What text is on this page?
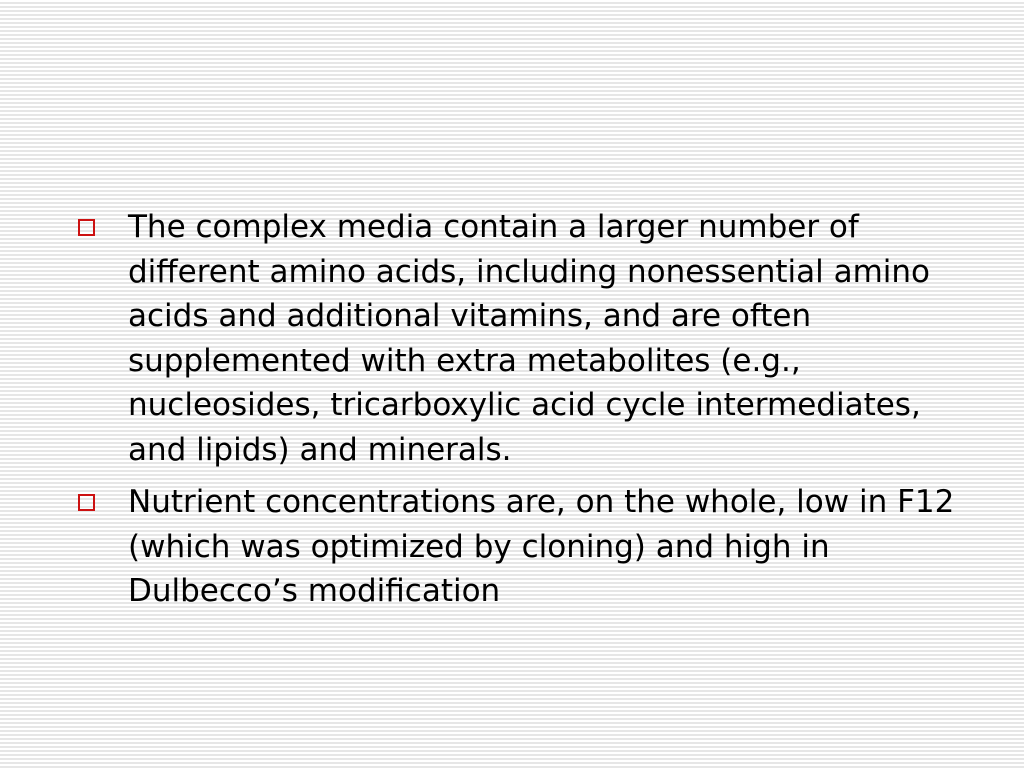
The complex media contain a larger number of different amino acids, including nonessential amino acids and additional vitamins, and are often supplemented with extra metabolites (e.g., nucleosides, tricarboxylic acid cycle intermediates, and lipids) and minerals.
Nutrient concentrations are, on the whole, low in F12 (which was optimized by cloning) and high in Dulbecco’s modification
